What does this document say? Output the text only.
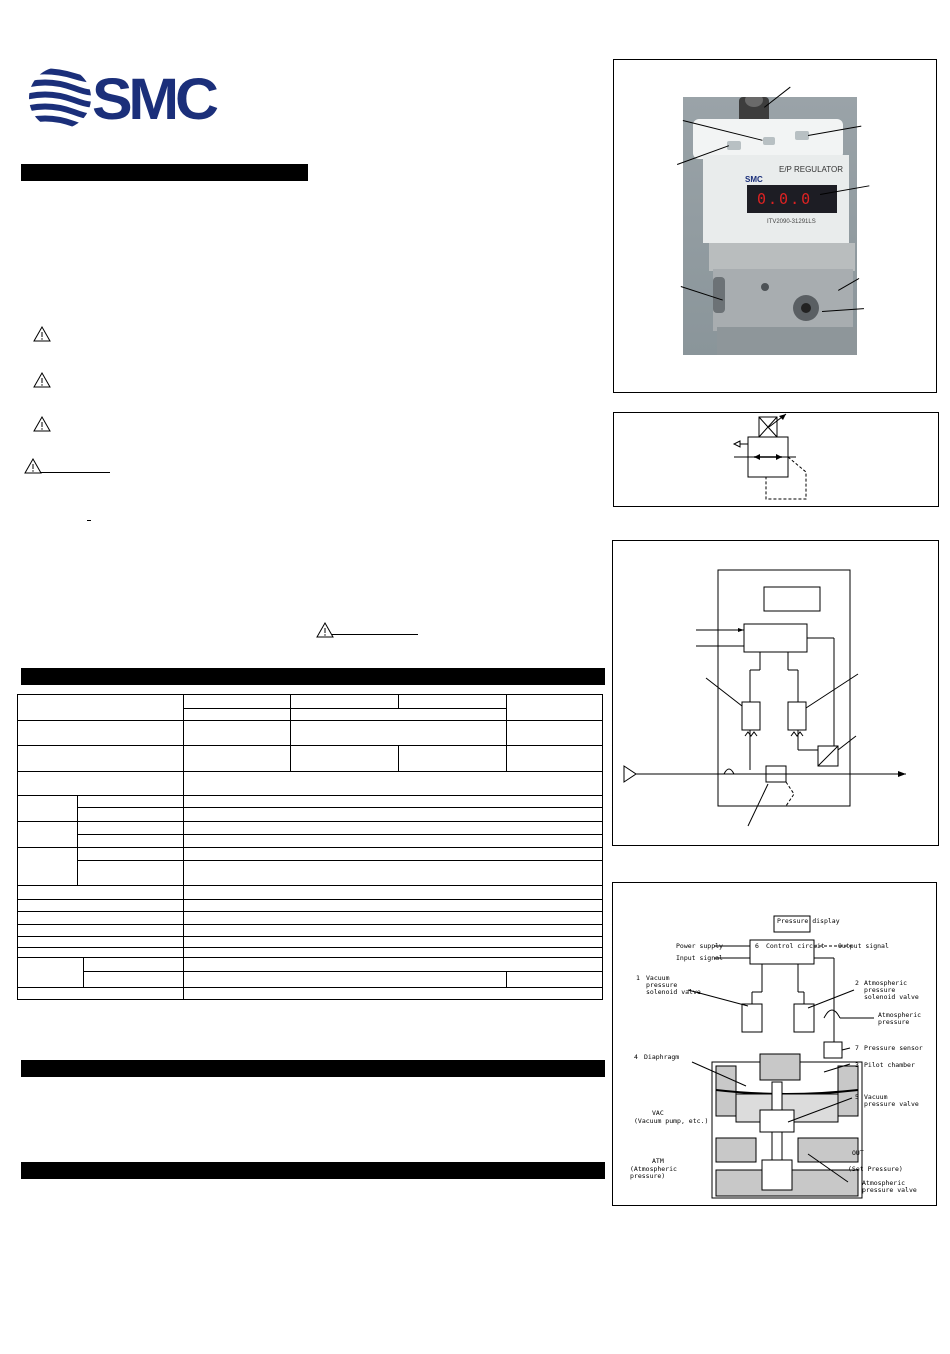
SMC
SMC
E/P REGULATOR
0.0.0
ITV2090-31291LS
Pressure display
6 Control circuit
Power supply
Input signal
Output signal
1 Vacuum pressure solenoid valve
2 Atmospheric pressure solenoid valve
Atmospheric pressure
7 Pressure sensor
4 Diaphragm
3 Pilot chamber
5 Vacuum pressure valve
VAC
(Vacuum pump, etc.)
ATM
(Atmospheric pressure)
OUT
(Set Pressure)
Atmospheric pressure valve
